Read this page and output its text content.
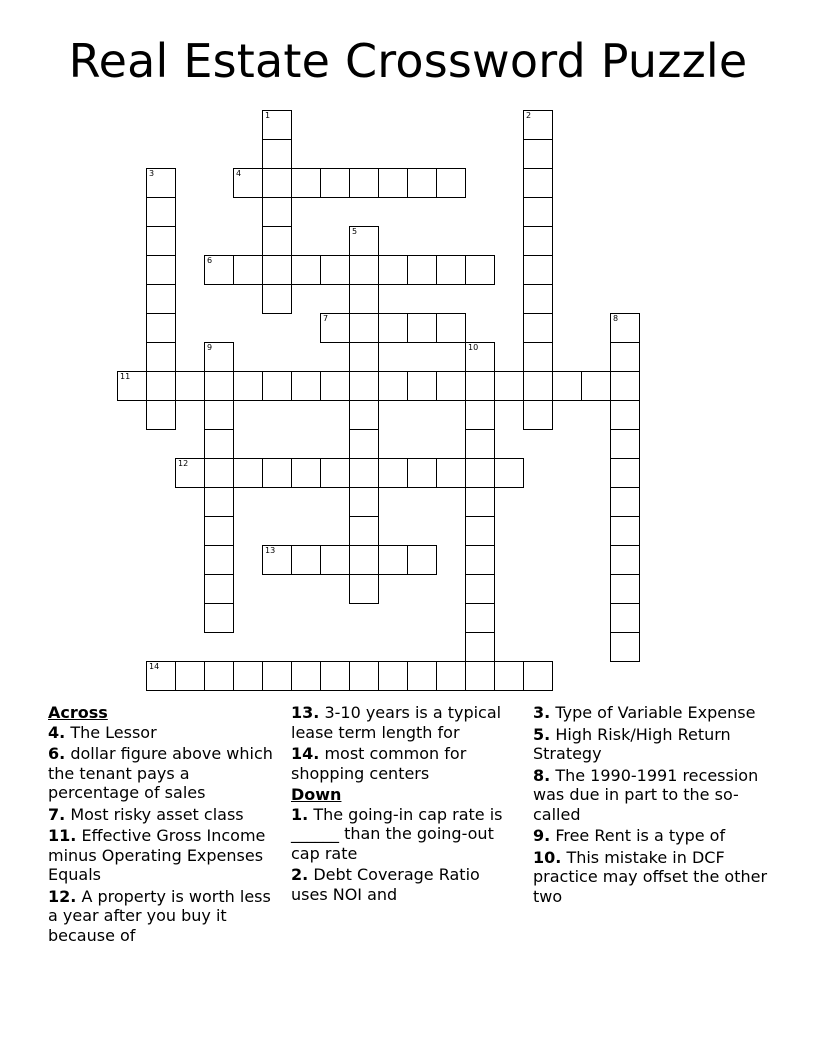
Real Estate Crossword Puzzle
1	2
3	4
5
6
7	8
9	10
11
12
13
14
Across
4. The Lessor
6. dollar figure above which the tenant pays a percentage of sales
7. Most risky asset class
11. Effective Gross Income minus Operating Expenses Equals
12. A property is worth less a year after you buy it because of
13. 3-10 years is a typical lease term length for
14. most common for shopping centers
Down
1. The going-in cap rate is ______ than the going-out cap rate
2. Debt Coverage Ratio uses NOI and
3. Type of Variable Expense
5. High Risk/High Return Strategy
8. The 1990-1991 recession was due in part to the so-called
9. Free Rent is a type of
10. This mistake in DCF practice may offset the other two
